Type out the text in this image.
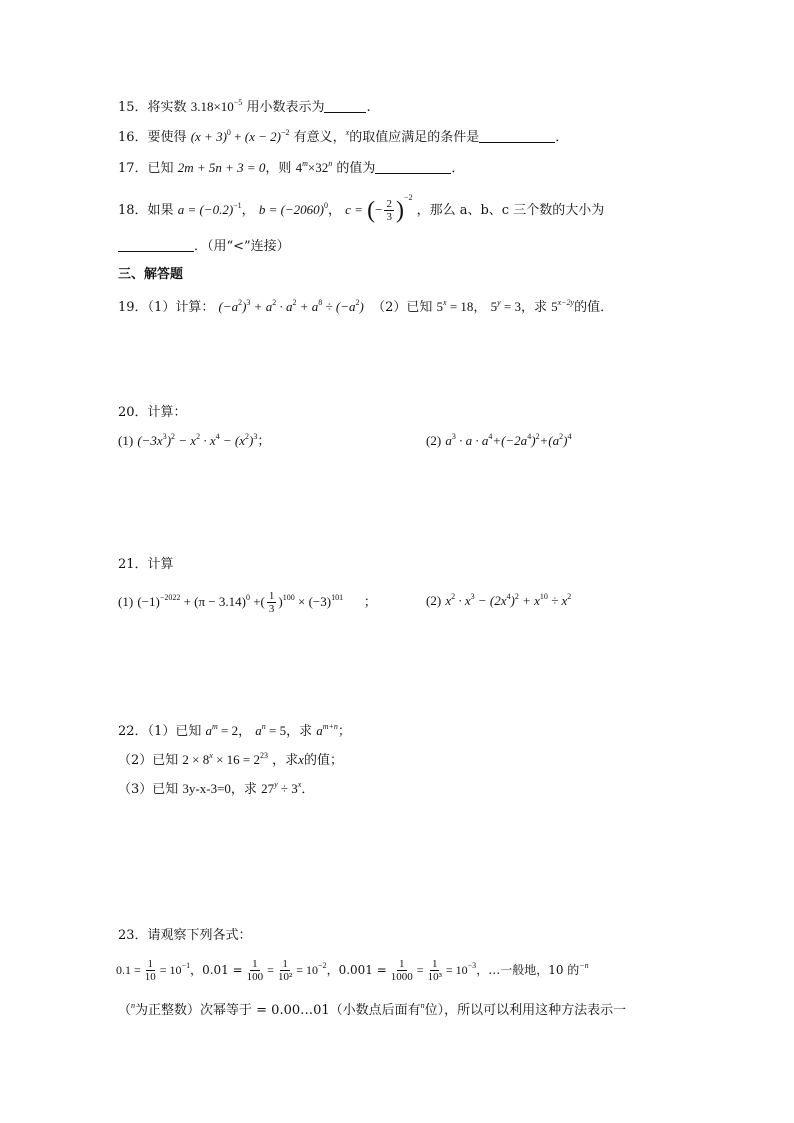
15．将实数 $3.18\times 10^{-5}$ 用小数表示为	.
16．要使得 $(x + 3)^0 + (x - 2)^{-2}$ 有意义，$^x$的取值应满足的条件是	．
17．已知 2m + 5n + 3 = 0，则 $4^m\times 32^n$ 的值为	．
18．如果 $a = (-0.2)^{-1}$， $b = (-2060)^0$， c = (− $\frac{2}{3} )^{-2}$ ，那么 a、b、c 三个数的大小为
．（用“<”连接）
三、解答题
19．（1）计算： $(-a^2)^3 + a^2 \cdot a^2 + a^8 \div (-a^2)$ （2）已知 $5^x = 18$， $5^y = 3$，求 $5^{x-2y}$的值．
20．计算：
(1) $(-3x^3)^2 - x^2 \cdot x^4 - (x^2)^3$；	(2) $a^3 \cdot a \cdot a^4+(-2a^4)^2+(a^2)^4$
21．计算
(1) $(-1)^{-2022} + (\pi - 3.14)^0$ +( $\frac{1}{3} )^{100} \times (-3)^{101}$ ；	(2) $x^2 \cdot x^3 - (2x^4)^2 + x^{10} \div x^2$
22．（1）已知 $a^m = 2$， $a^n = 5$，求 $a^{m+n}$；
（2）已知 $2 \times 8^x \times 16 = 2^{23}$ ，求x的值；
（3）已知 3y-x-3=0，求 $27^y \div 3^x$．
23．请观察下列各式：
$0.1 = \frac{1}{10} = 10^{-1}$，$0.01 = \frac{1}{100} = \frac{1}{\text{10²}} = 10^{-2}$，$0.001 = \frac{1}{1000} = \frac{1}{\text{10³}} = 10^{-3}$，…一般地，10 的$^{-n}$
（$^n$为正整数）次幂等于 = 0.00…01（小数点后面有$^n$位），所以可以利用这种方法表示一
